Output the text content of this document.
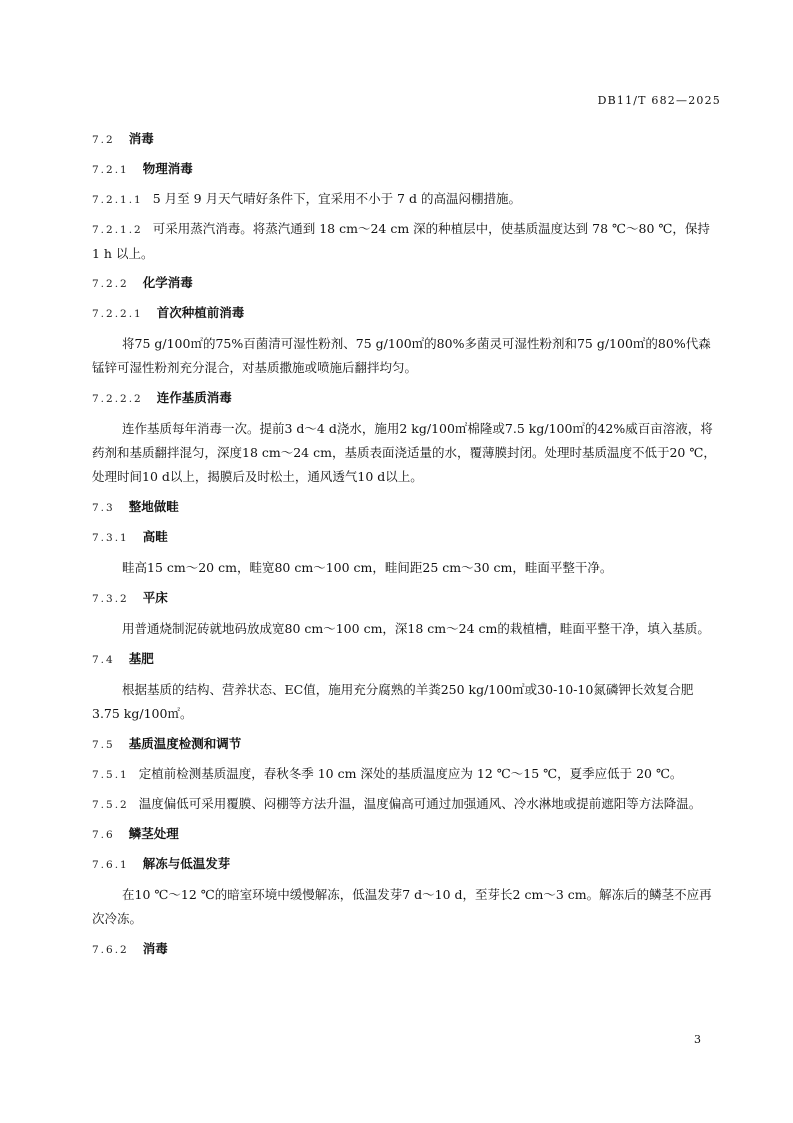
DB11/T 682—2025

7.2 消毒

7.2.1 物理消毒

7.2.1.1 5 月至 9 月天气晴好条件下，宜采用不小于 7 d 的高温闷棚措施。

7.2.1.2 可采用蒸汽消毒。将蒸汽通到 18 cm～24 cm 深的种植层中，使基质温度达到 78 ℃～80 ℃，保持 1 h 以上。

7.2.2 化学消毒

7.2.2.1 首次种植前消毒

将75 g/100㎡的75%百菌清可湿性粉剂、75 g/100㎡的80%多菌灵可湿性粉剂和75 g/100㎡的80%代森锰锌可湿性粉剂充分混合，对基质撒施或喷施后翻拌均匀。

7.2.2.2 连作基质消毒

连作基质每年消毒一次。提前3 d～4 d浇水，施用2 kg/100㎡棉隆或7.5 kg/100㎡的42%威百亩溶液，将药剂和基质翻拌混匀，深度18 cm～24 cm，基质表面浇适量的水，覆薄膜封闭。处理时基质温度不低于20 ℃，处理时间10 d以上，揭膜后及时松土，通风透气10 d以上。

7.3 整地做畦

7.3.1 高畦

畦高15 cm～20 cm，畦宽80 cm～100 cm，畦间距25 cm～30 cm，畦面平整干净。

7.3.2 平床

用普通烧制泥砖就地码放成宽80 cm～100 cm，深18 cm～24 cm的栽植槽，畦面平整干净，填入基质。

7.4 基肥

根据基质的结构、营养状态、EC值，施用充分腐熟的羊粪250 kg/100㎡或30-10-10氮磷钾长效复合肥3.75 kg/100㎡。

7.5 基质温度检测和调节

7.5.1 定植前检测基质温度，春秋冬季 10 cm 深处的基质温度应为 12 ℃～15 ℃，夏季应低于 20 ℃。

7.5.2 温度偏低可采用覆膜、闷棚等方法升温，温度偏高可通过加强通风、冷水淋地或提前遮阳等方法降温。

7.6 鳞茎处理

7.6.1 解冻与低温发芽

在10 ℃～12 ℃的暗室环境中缓慢解冻，低温发芽7 d～10 d，至芽长2 cm～3 cm。解冻后的鳞茎不应再次冷冻。

7.6.2 消毒

3
